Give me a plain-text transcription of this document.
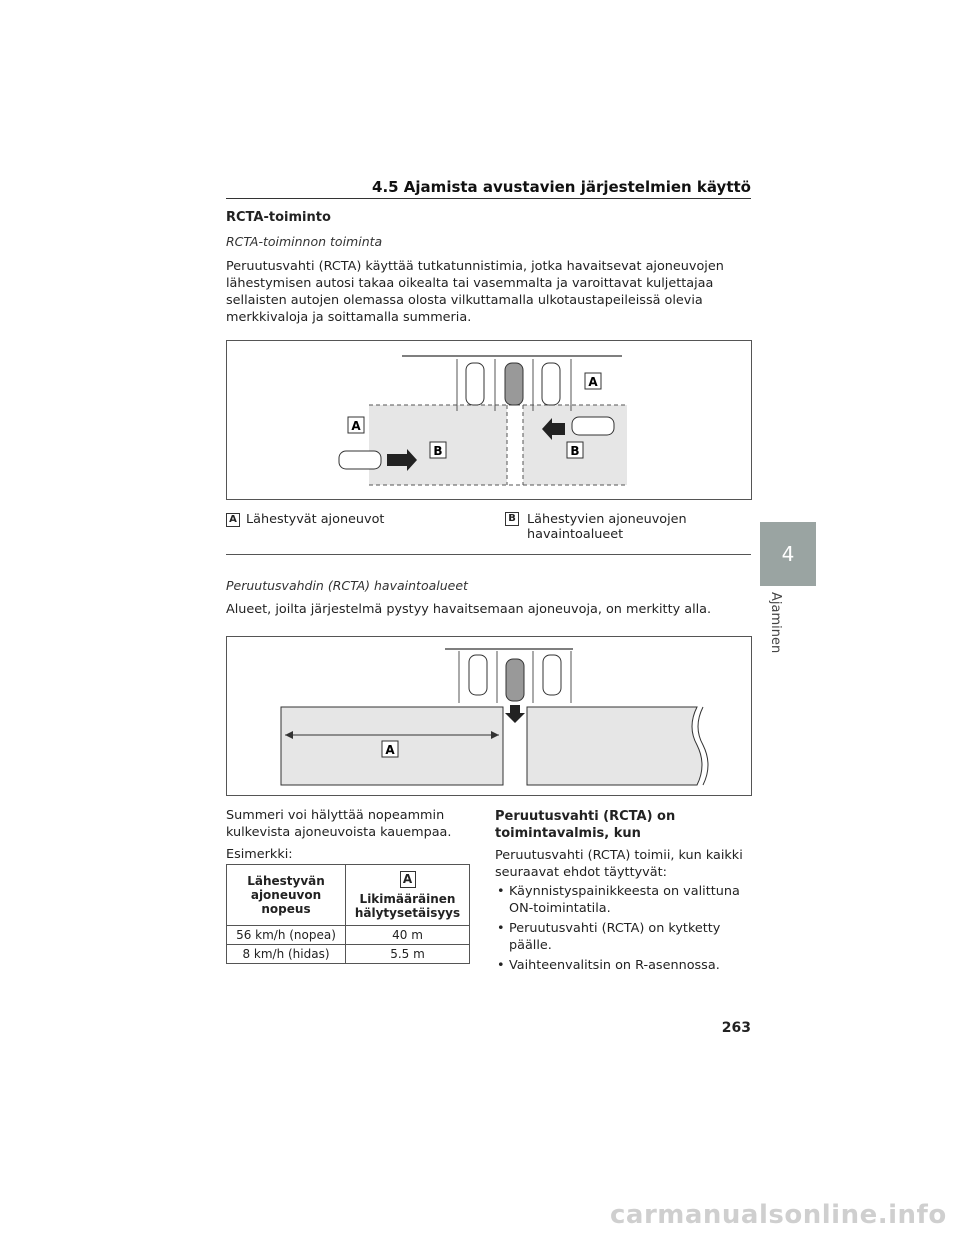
4.5 Ajamista avustavien järjestelmien käyttö
4
Ajaminen
RCTA-toiminto
RCTA-toiminnon toiminta
Peruutusvahti (RCTA) käyttää tutkatunnistimia, jotka havaitsevat ajoneuvojen lähestymisen autosi takaa oikealta tai vasemmalta ja varoittavat kuljettajaa sellaisten autojen olemassa olosta vilkuttamalla ulkotaustapeileissä olevia merkkivaloja ja soittamalla summeria.
A
A
B	B
A Lähestyvät ajoneuvot	B Lähestyvien ajoneuvojen havaintoalueet
Peruutusvahdin (RCTA) havaintoalueet
Alueet, joilta järjestelmä pystyy havaitsemaan ajoneuvoja, on merkitty alla.
A
Summeri voi hälyttää nopeammin kulkevista ajoneuvoista kauempaa.
Esimerkki:
Lähestyvän ajoneuvon nopeus	A
Likimääräinen hälytysetäisyys

56 km/h (nopea)	40 m
8 km/h (hidas)	5.5 m
Peruutusvahti (RCTA) on toimintavalmis, kun
Peruutusvahti (RCTA) toimii, kun kaikki seuraavat ehdot täyttyvät:
• Käynnistyspainikkeesta on valittuna ON-toimintatila.
• Peruutusvahti (RCTA) on kytketty päälle.
• Vaihteenvalitsin on R-asennossa.
263
carmanualsonline.info
